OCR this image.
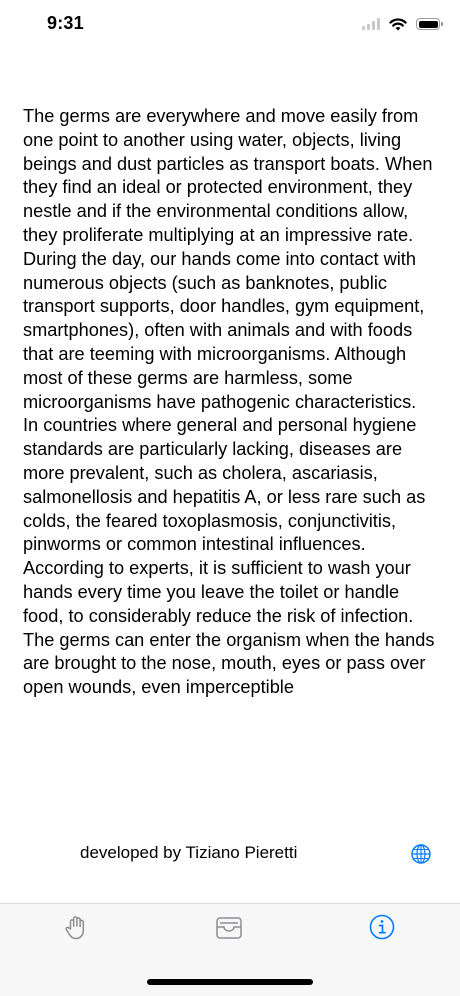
9:31
The germs are everywhere and move easily from one point to another using water, objects, living beings and dust particles as transport boats. When they find an ideal or protected environment, they nestle and if the environmental conditions allow, they proliferate multiplying at an impressive rate. During the day, our hands come into contact with numerous objects (such as banknotes, public transport supports, door handles, gym equipment, smartphones), often with animals and with foods that are teeming with microorganisms. Although most of these germs are harmless, some microorganisms have pathogenic characteristics.
In countries where general and personal hygiene standards are particularly lacking, diseases are more prevalent, such as cholera, ascariasis, salmonellosis and hepatitis A, or less rare such as colds, the feared toxoplasmosis, conjunctivitis, pinworms or common intestinal influences.
According to experts, it is sufficient to wash your hands every time you leave the toilet or handle food, to considerably reduce the risk of infection.
The germs can enter the organism when the hands are brought to the nose, mouth, eyes or pass over open wounds, even imperceptible
developed by Tiziano Pieretti
